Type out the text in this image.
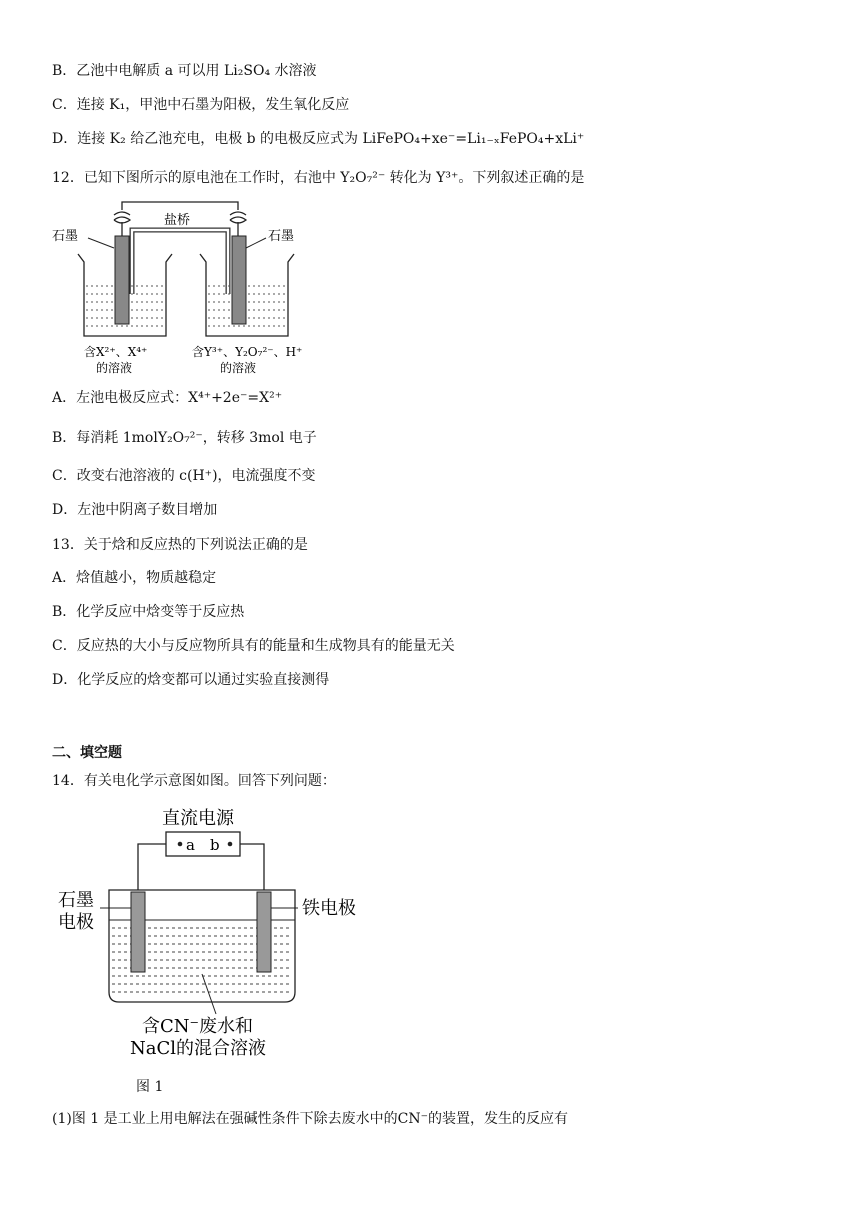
B．乙池中电解质 a 可以用 Li₂SO₄ 水溶液
C．连接 K₁，甲池中石墨为阳极，发生氧化反应
D．连接 K₂ 给乙池充电，电极 b 的电极反应式为 LiFePO₄+xe⁻=Li₁₋ₓFePO₄+xLi⁺
12．已知下图所示的原电池在工作时，右池中 Y₂O₇²⁻ 转化为 Y³⁺。下列叙述正确的是
盐桥
石墨	石墨
含X²⁺、X⁴⁺
的溶液
含Y³⁺、Y₂O₇²⁻、H⁺
的溶液
A．左池电极反应式：X⁴⁺+2e⁻=X²⁺
B．每消耗 1molY₂O₇²⁻，转移 3mol 电子
C．改变右池溶液的 c(H⁺)，电流强度不变
D．左池中阴离子数目增加
13．关于焓和反应热的下列说法正确的是
A．焓值越小，物质越稳定
B．化学反应中焓变等于反应热
C．反应热的大小与反应物所具有的能量和生成物具有的能量无关
D．化学反应的焓变都可以通过实验直接测得
二、填空题
14．有关电化学示意图如图。回答下列问题：
直流电源
a b
石墨
电极
铁电极
含CN⁻废水和
NaCl的混合溶液
图 1
(1)图 1 是工业上用电解法在强碱性条件下除去废水中的CN⁻的装置，发生的反应有
